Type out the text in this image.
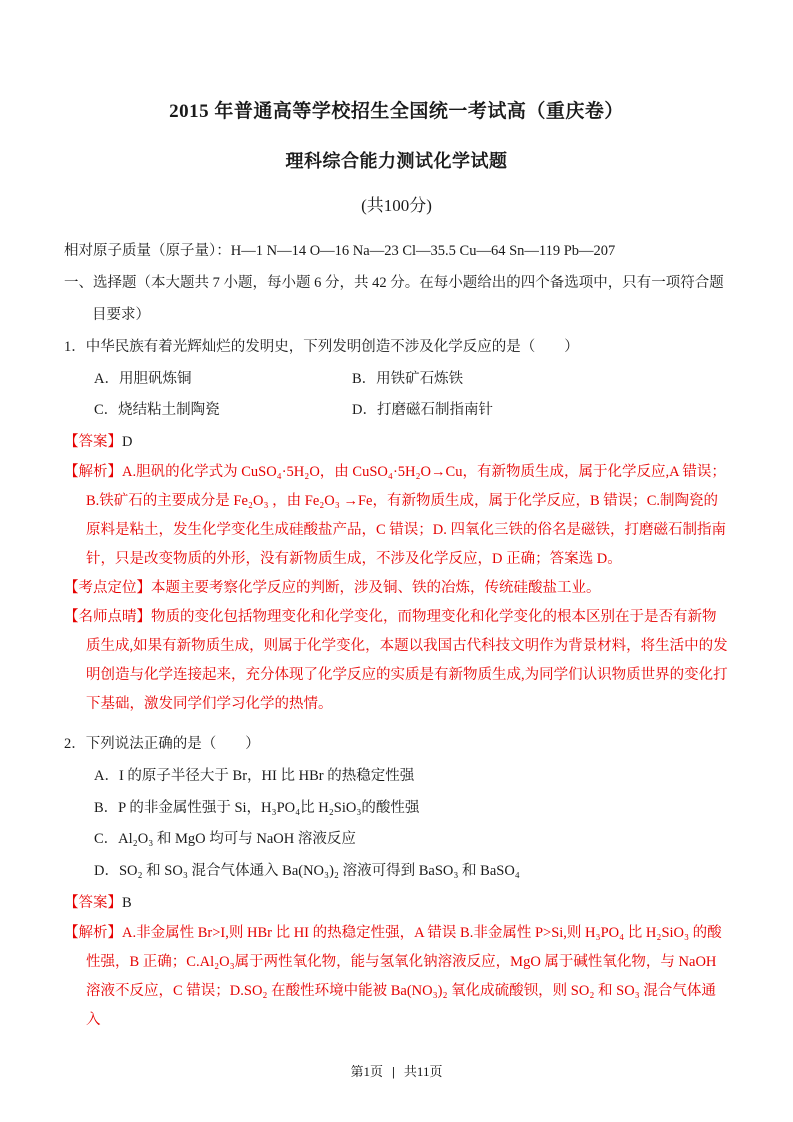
2015 年普通高等学校招生全国统一考试高（重庆卷）
理科综合能力测试化学试题
(共100分)

相对原子质量（原子量）：H—1 N—14 O—16 Na—23 Cl—35.5 Cu—64 Sn—119 Pb—207

一、选择题（本大题共 7 小题，每小题 6 分，共 42 分。在每小题给出的四个备选项中，只有一项符合题目要求）

1．中华民族有着光辉灿烂的发明史，下列发明创造不涉及化学反应的是（　　）

A．用胆矾炼铜	B．用铁矿石炼铁
C．烧结粘土制陶瓷	D．打磨磁石制指南针

【答案】D

【解析】A.胆矾的化学式为 CuSO₄·5H₂O，由 CuSO₄·5H₂O→Cu，有新物质生成，属于化学反应,A 错误；B.铁矿石的主要成分是 Fe₂O₃ ，由 Fe₂O₃ →Fe，有新物质生成，属于化学反应，B 错误；C.制陶瓷的原料是粘土，发生化学变化生成硅酸盐产品，C 错误；D. 四氧化三铁的俗名是磁铁，打磨磁石制指南针，只是改变物质的外形，没有新物质生成，不涉及化学反应，D 正确；答案选 D。

【考点定位】本题主要考察化学反应的判断，涉及铜、铁的冶炼，传统硅酸盐工业。

【名师点晴】物质的变化包括物理变化和化学变化，而物理变化和化学变化的根本区别在于是否有新物质生成,如果有新物质生成，则属于化学变化，本题以我国古代科技文明作为背景材料，将生活中的发明创造与化学连接起来，充分体现了化学反应的实质是有新物质生成,为同学们认识物质世界的变化打下基础，激发同学们学习化学的热情。

2．下列说法正确的是（　　）

A．I 的原子半径大于 Br，HI 比 HBr 的热稳定性强
B．P 的非金属性强于 Si，H₃PO₄比 H₂SiO₃的酸性强
C．Al₂O₃ 和 MgO 均可与 NaOH 溶液反应
D．SO₂ 和 SO₃ 混合气体通入 Ba(NO₃)₂ 溶液可得到 BaSO₃ 和 BaSO₄

【答案】B

【解析】A.非金属性 Br>I,则 HBr 比 HI 的热稳定性强，A 错误 B.非金属性 P>Si,则 H₃PO₄ 比 H₂SiO₃ 的酸性强，B 正确；C.Al₂O₃属于两性氧化物，能与氢氧化钠溶液反应，MgO 属于碱性氧化物，与 NaOH 溶液不反应，C 错误；D.SO₂ 在酸性环境中能被 Ba(NO₃)₂ 氧化成硫酸钡，则 SO₂ 和 SO₃ 混合气体通入

第1页 | 共11页
